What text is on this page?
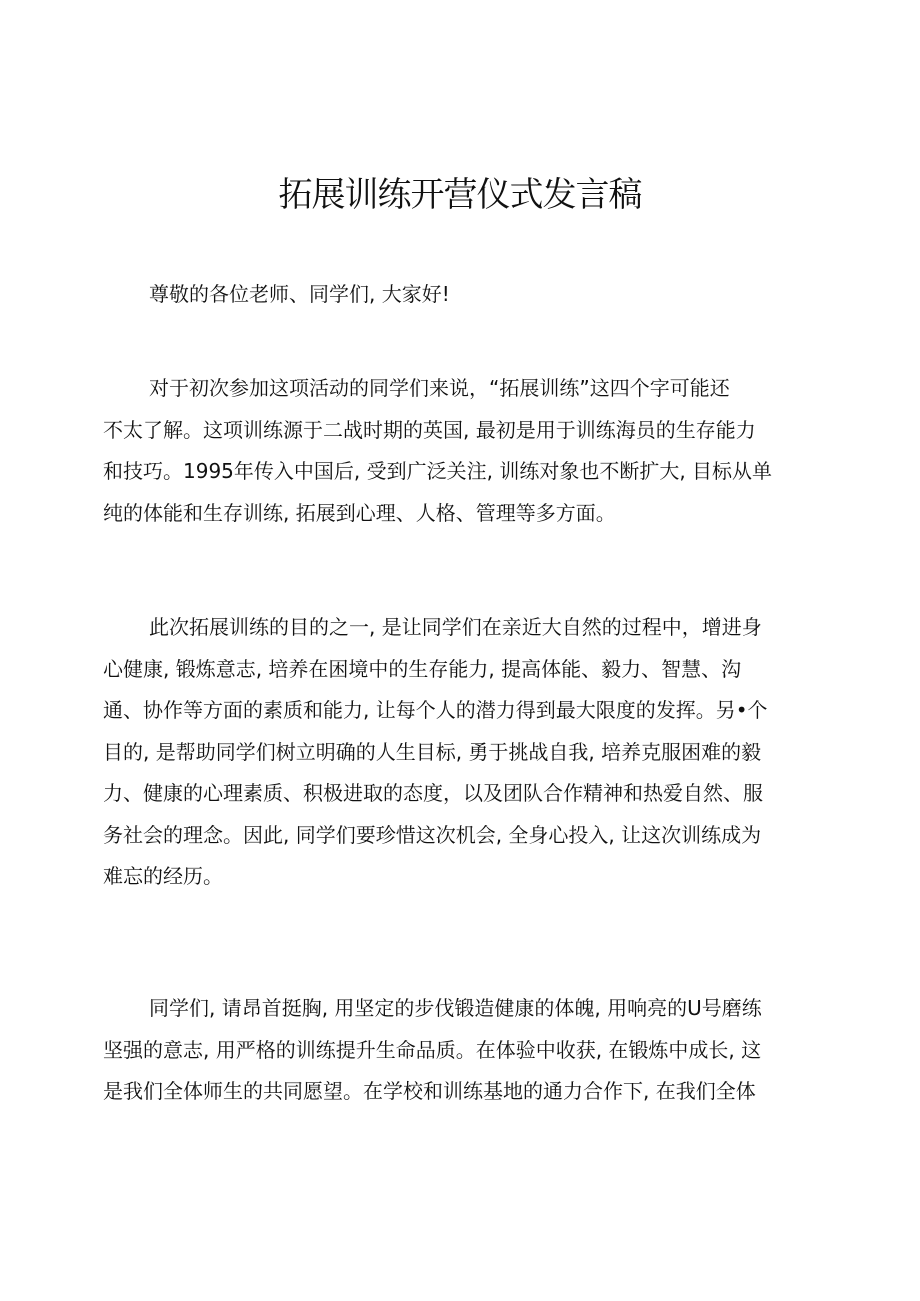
拓展训练开营仪式发言稿

尊敬的各位老师、同学们, 大家好!

对于初次参加这项活动的同学们来说，“拓展训练”这四个字可能还
不太了解。这项训练源于二战时期的英国, 最初是用于训练海员的生存能力
和技巧。1995年传入中国后, 受到广泛关注, 训练对象也不断扩大, 目标从单
纯的体能和生存训练, 拓展到心理、人格、管理等多方面。
此次拓展训练的目的之一, 是让同学们在亲近大自然的过程中，增进身
心健康, 锻炼意志, 培养在困境中的生存能力, 提高体能、毅力、智慧、沟
通、协作等方面的素质和能力, 让每个人的潜力得到最大限度的发挥。另•个
目的, 是帮助同学们树立明确的人生目标, 勇于挑战自我, 培养克服困难的毅
力、健康的心理素质、积极进取的态度，以及团队合作精神和热爱自然、服
务社会的理念。因此, 同学们要珍惜这次机会, 全身心投入, 让这次训练成为
难忘的经历。
同学们, 请昂首挺胸, 用坚定的步伐锻造健康的体魄, 用响亮的U号磨练
坚强的意志, 用严格的训练提升生命品质。在体验中收获, 在锻炼中成长, 这
是我们全体师生的共同愿望。在学校和训练基地的通力合作下, 在我们全体
